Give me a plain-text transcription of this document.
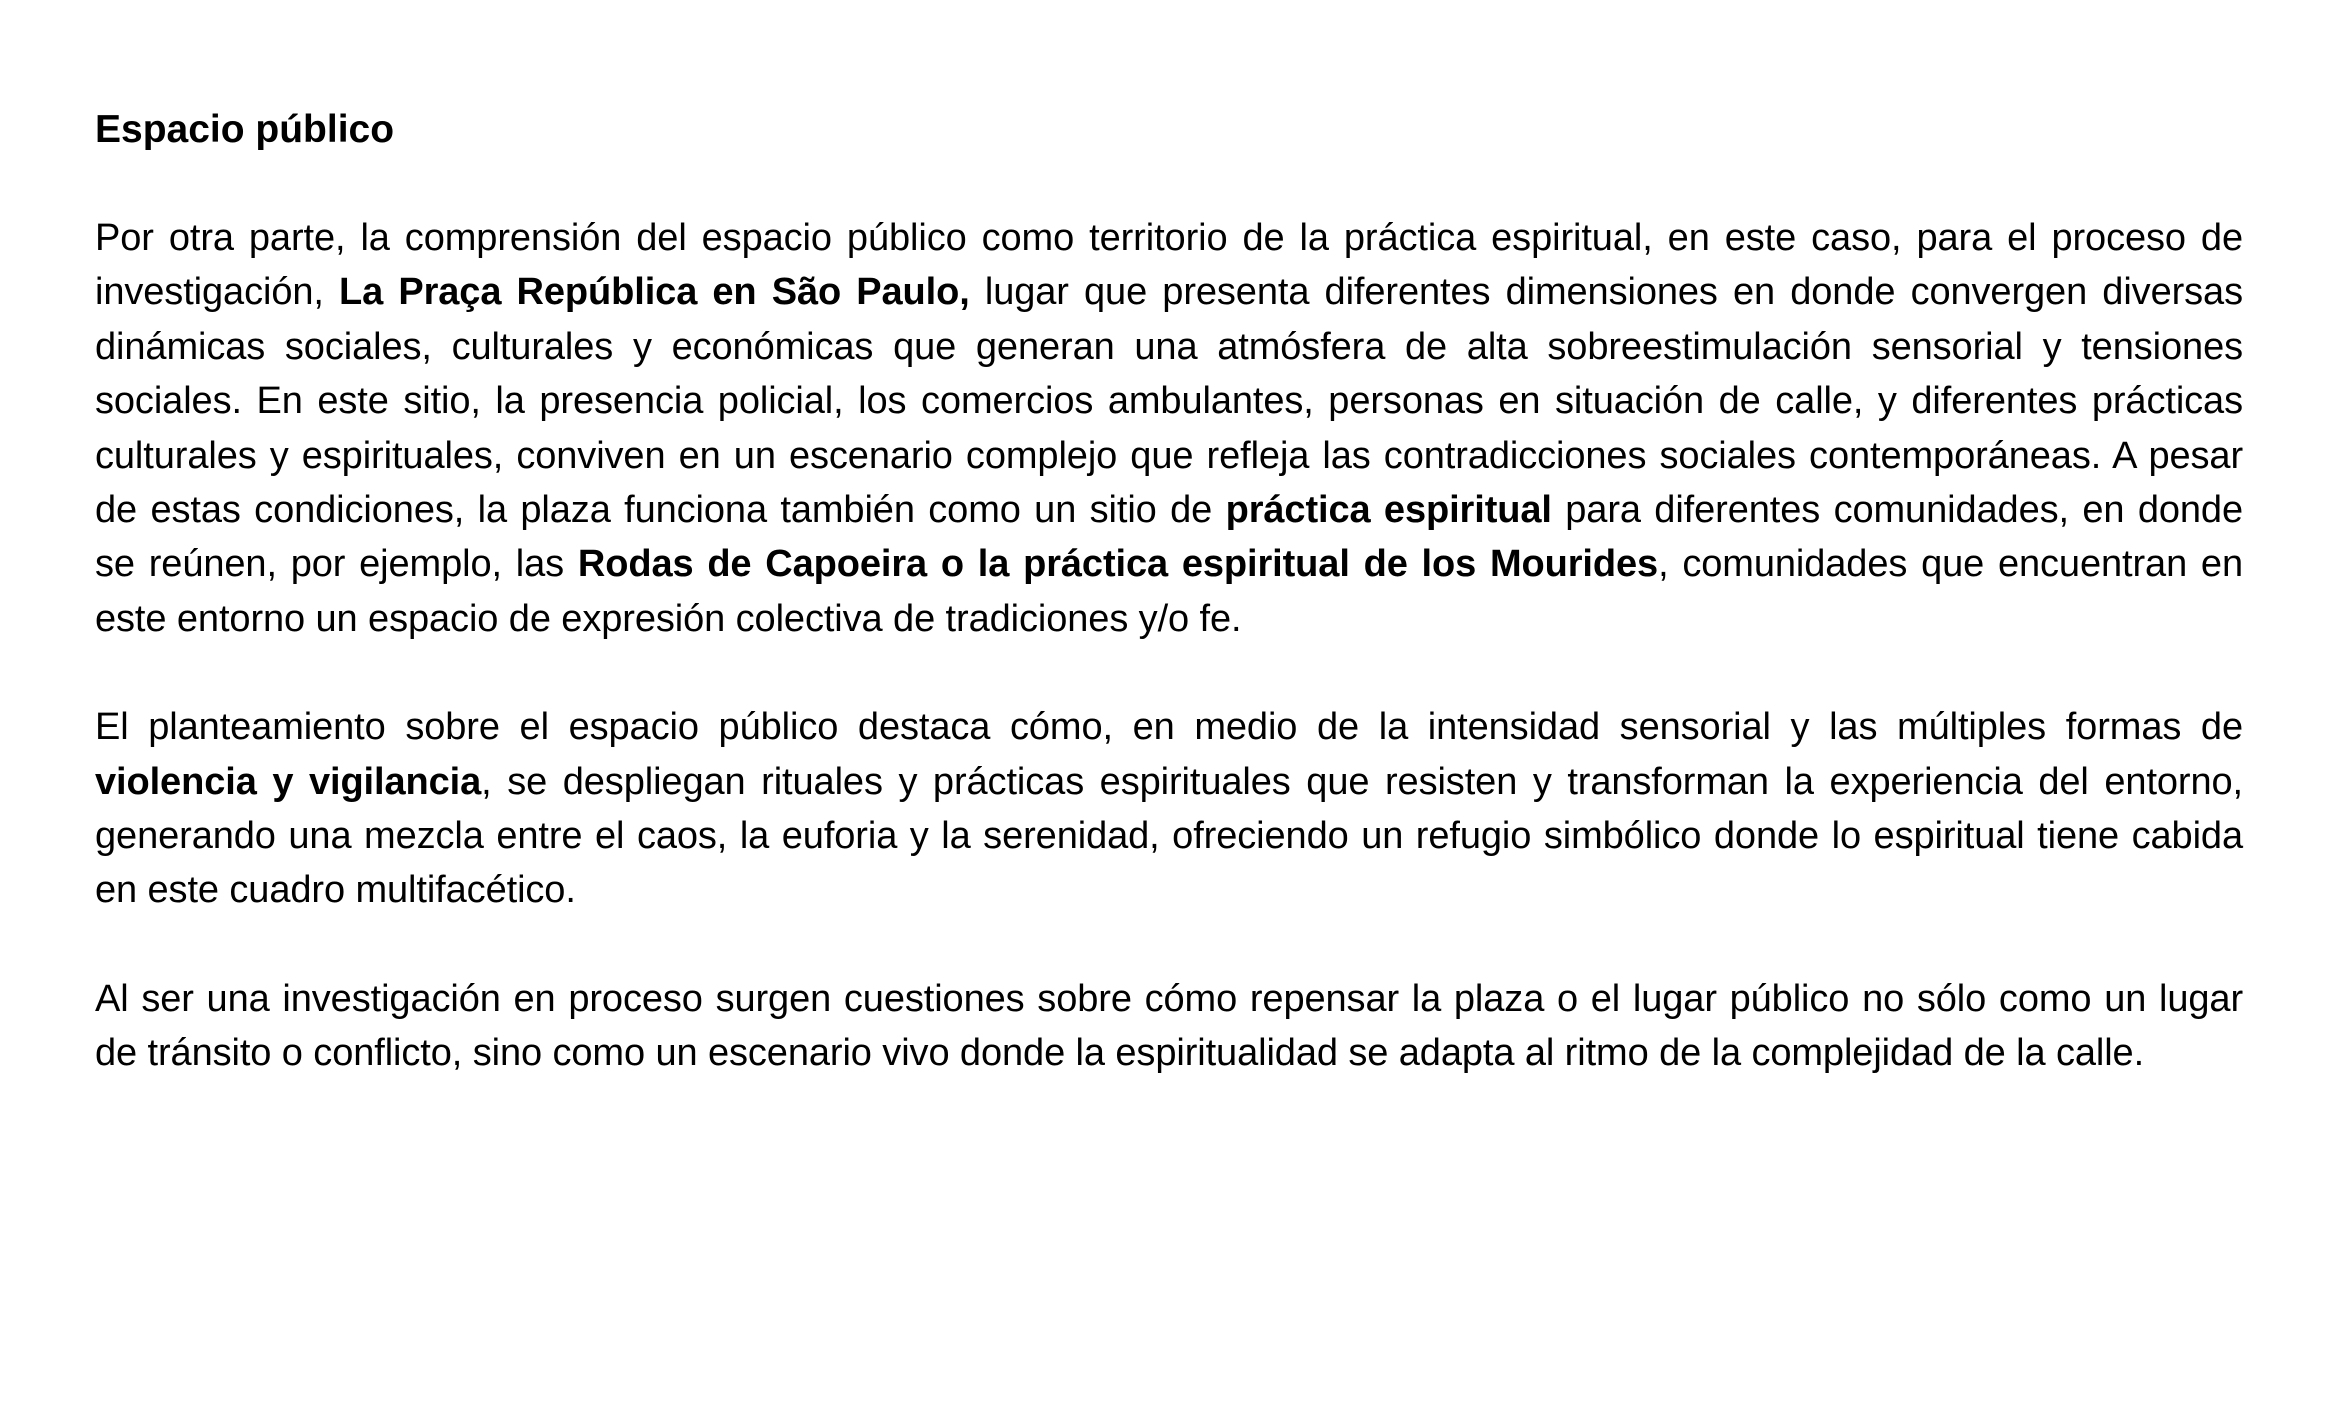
Espacio público

Por otra parte, la comprensión del espacio público como territorio de la práctica espiritual, en este caso, para el proceso de investigación, La Praça República en São Paulo, lugar que presenta diferentes dimensiones en donde convergen diversas dinámicas sociales, culturales y económicas que generan una atmósfera de alta sobreestimulación sensorial y tensiones sociales. En este sitio, la presencia policial, los comercios ambulantes, personas en situación de calle, y diferentes prácticas culturales y espirituales, conviven en un escenario complejo que refleja las contradicciones sociales contemporáneas. A pesar de estas condiciones, la plaza funciona también como un sitio de práctica espiritual para diferentes comunidades, en donde se reúnen, por ejemplo, las Rodas de Capoeira o la práctica espiritual de los Mourides, comunidades que encuentran en este entorno un espacio de expresión colectiva de tradiciones y/o fe.

El planteamiento sobre el espacio público destaca cómo, en medio de la intensidad sensorial y las múltiples formas de violencia y vigilancia, se despliegan rituales y prácticas espirituales que resisten y transforman la experiencia del entorno, generando una mezcla entre el caos, la euforia y la serenidad, ofreciendo un refugio simbólico donde lo espiritual tiene cabida en este cuadro multifacético.

Al ser una investigación en proceso surgen cuestiones sobre cómo repensar la plaza o el lugar público no sólo como un lugar de tránsito o conflicto, sino como un escenario vivo donde la espiritualidad se adapta al ritmo de la complejidad de la calle.
